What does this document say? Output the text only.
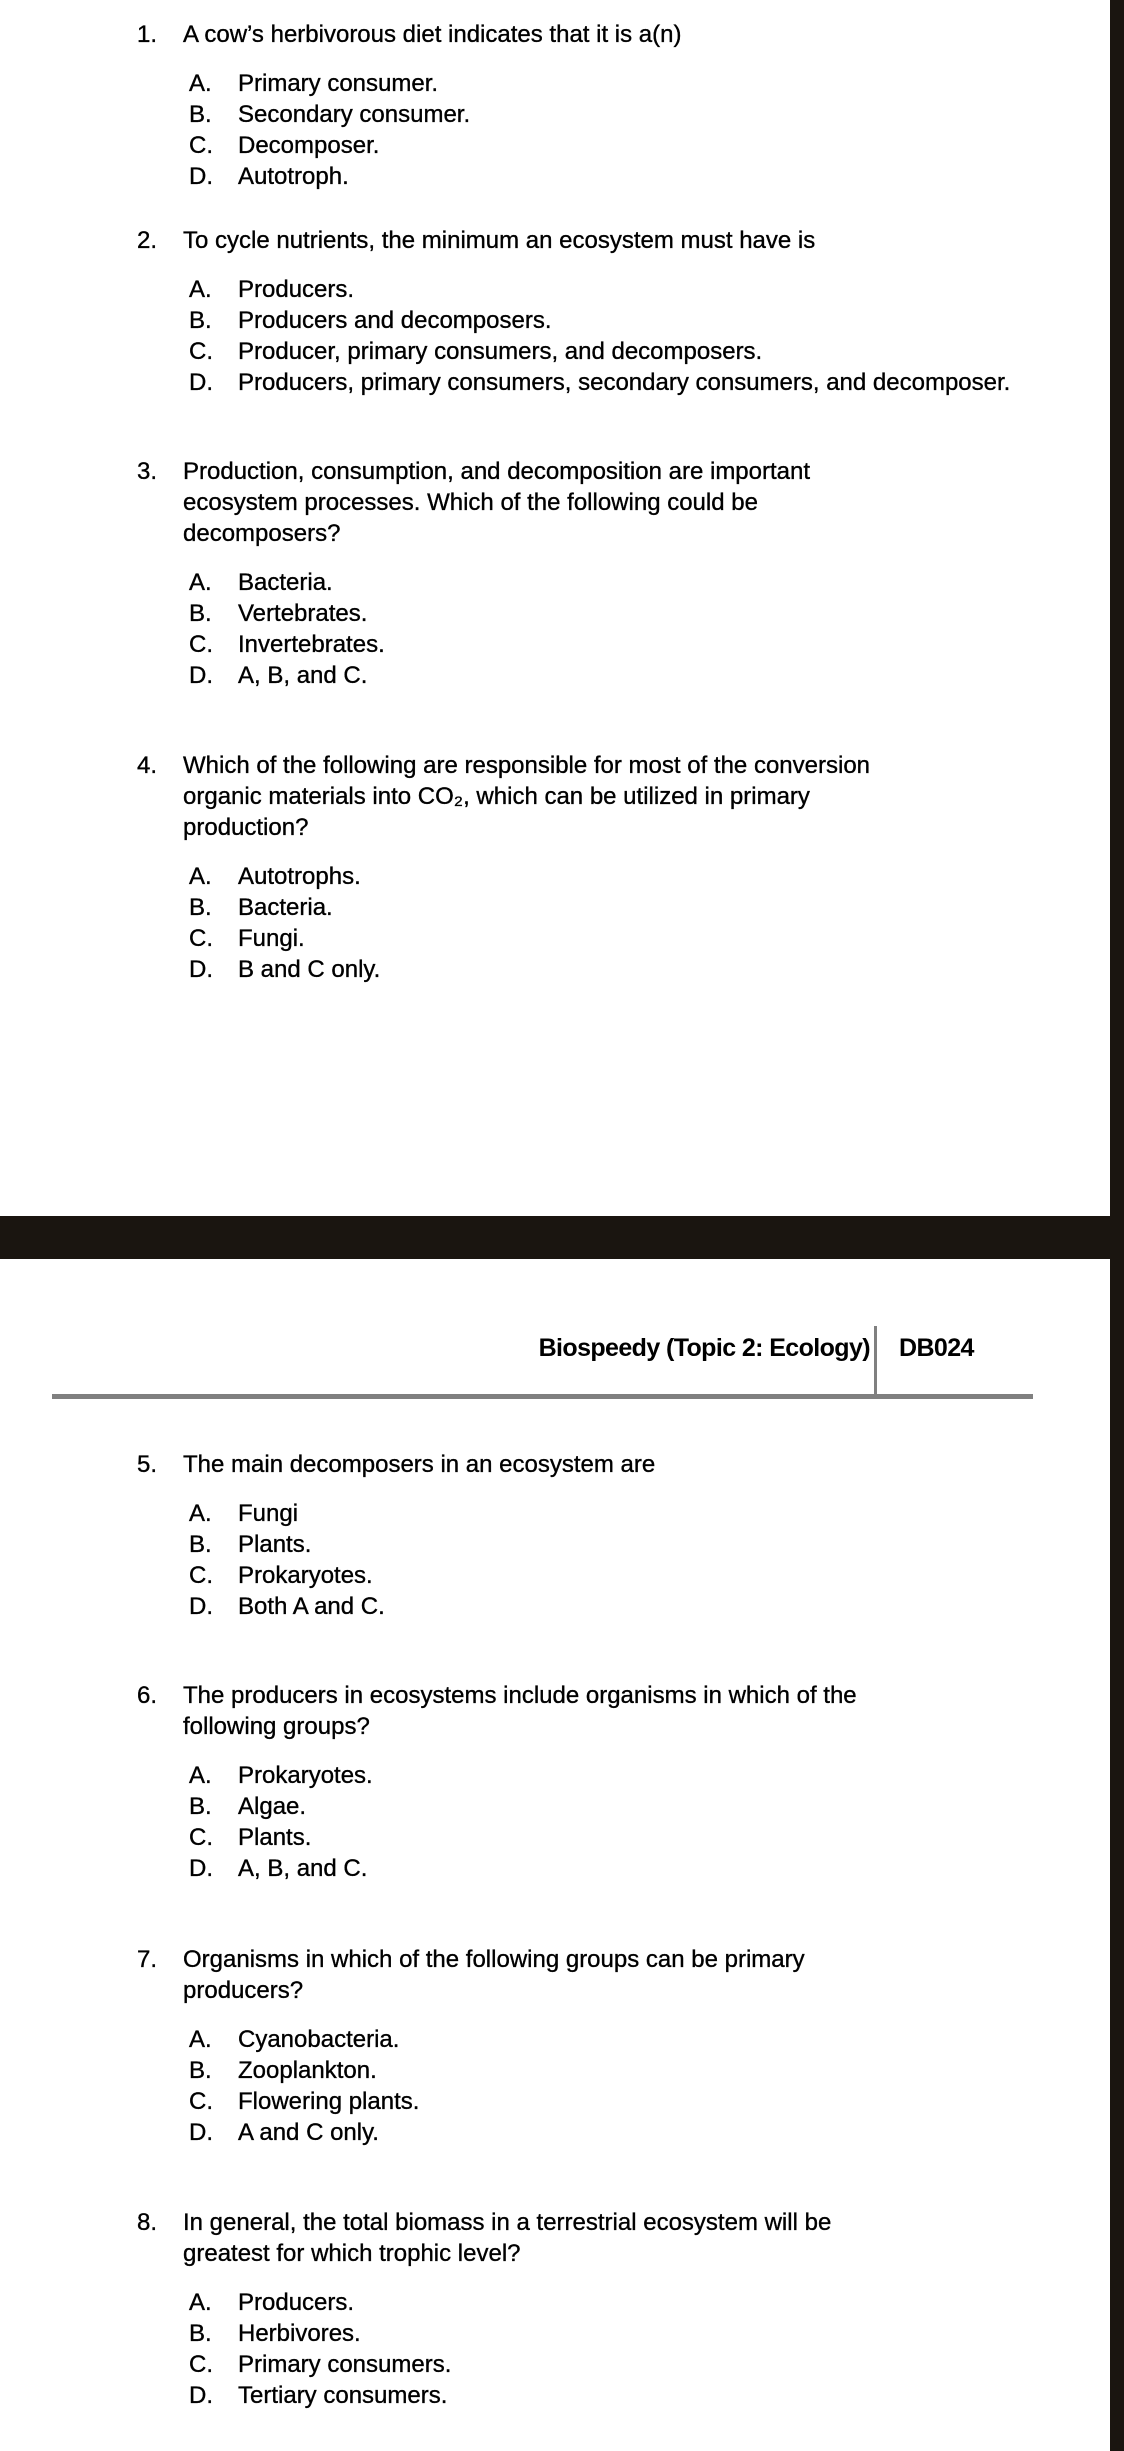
Biospeedy (Topic 2: Ecology) DB024
1. A cow’s herbivorous diet indicates that it is a(n)
A. Primary consumer.
B. Secondary consumer.
C. Decomposer.
D. Autotroph.
2. To cycle nutrients, the minimum an ecosystem must have is
A. Producers.
B. Producers and decomposers.
C. Producer, primary consumers, and decomposers.
D. Producers, primary consumers, secondary consumers, and decomposer.
3. Production, consumption, and decomposition are important
ecosystem processes. Which of the following could be
decomposers?
A. Bacteria.
B. Vertebrates.
C. Invertebrates.
D. A, B, and C.
4. Which of the following are responsible for most of the conversion
organic materials into CO₂, which can be utilized in primary
production?
A. Autotrophs.
B. Bacteria.
C. Fungi.
D. B and C only.
5. The main decomposers in an ecosystem are
A. Fungi
B. Plants.
C. Prokaryotes.
D. Both A and C.
6. The producers in ecosystems include organisms in which of the
following groups?
A. Prokaryotes.
B. Algae.
C. Plants.
D. A, B, and C.
7. Organisms in which of the following groups can be primary
producers?
A. Cyanobacteria.
B. Zooplankton.
C. Flowering plants.
D. A and C only.
8. In general, the total biomass in a terrestrial ecosystem will be
greatest for which trophic level?
A. Producers.
B. Herbivores.
C. Primary consumers.
D. Tertiary consumers.
